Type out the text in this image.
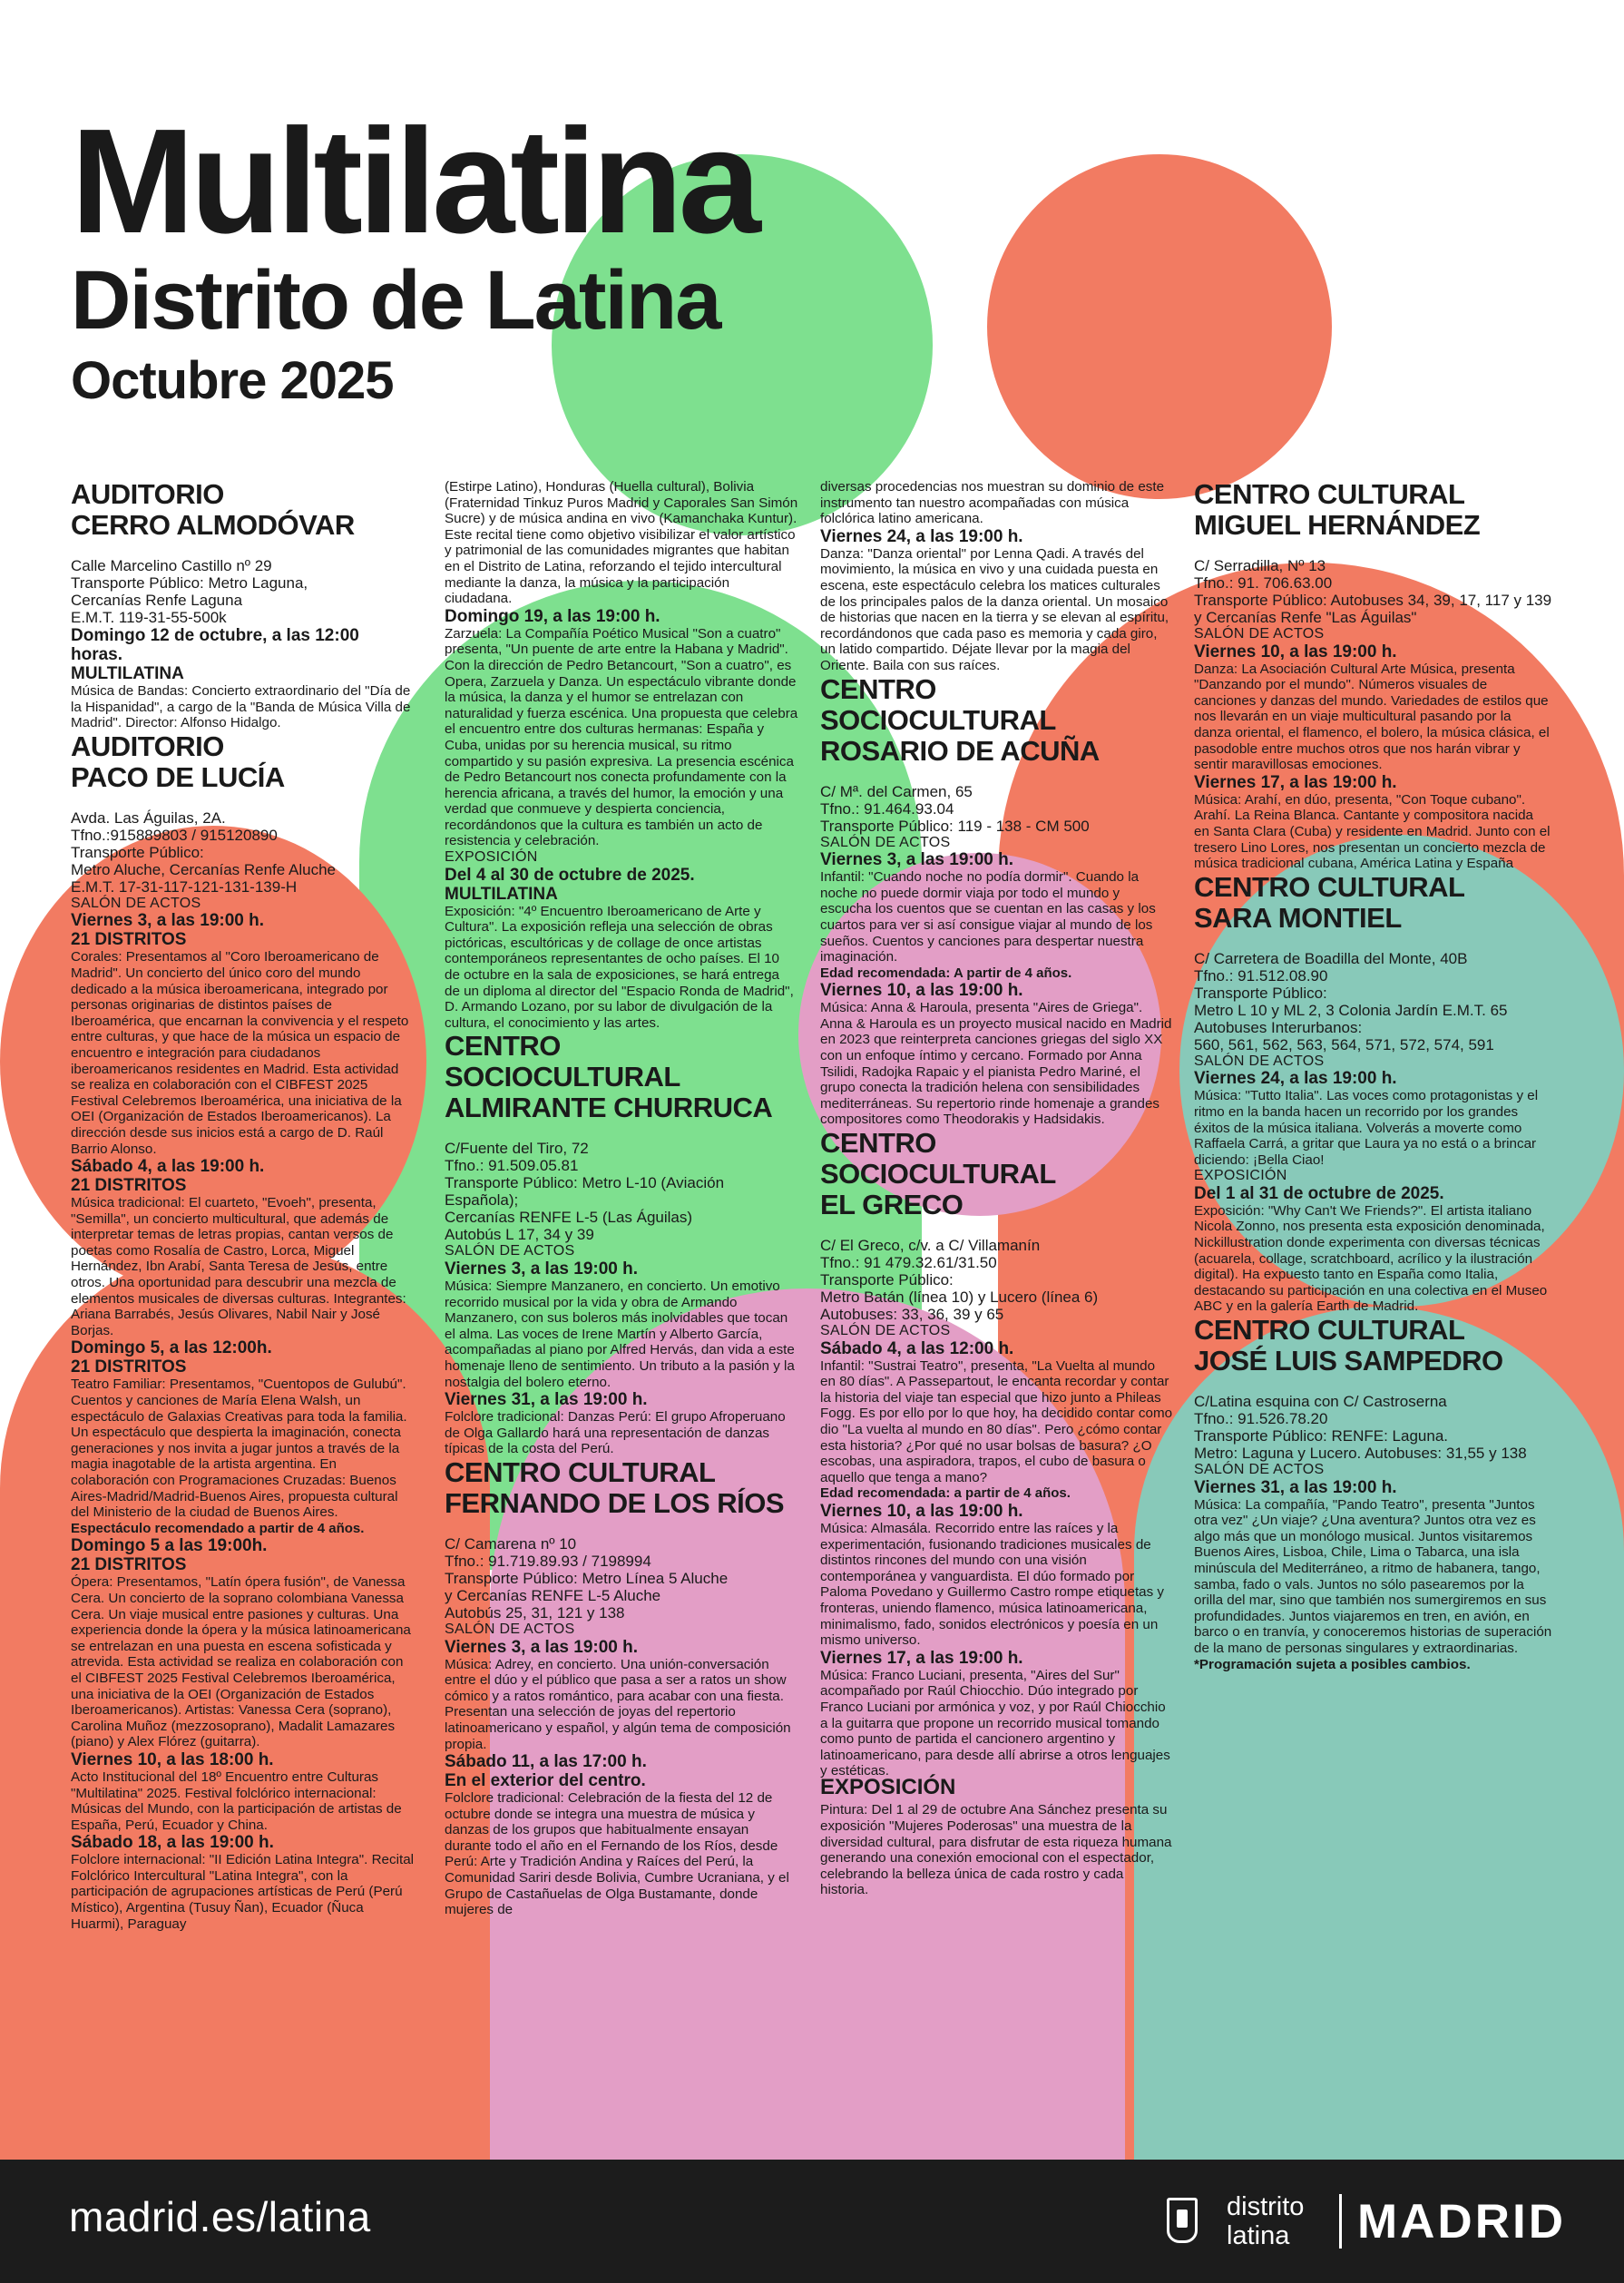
Multilatina

Distrito de Latina

Octubre 2025

AUDITORIO
CERRO ALMODÓVAR

Calle Marcelino Castillo nº 29
Transporte Público: Metro Laguna,
Cercanías Renfe Laguna
E.M.T. 119-31-55-500k

Domingo 12 de octubre, a las 12:00 horas.

MULTILATINA

Música de Bandas: Concierto extraordinario del "Día de la Hispanidad", a cargo de la "Banda de Música Villa de Madrid". Director: Alfonso Hidalgo.

AUDITORIO
PACO DE LUCÍA

Avda. Las Águilas, 2A.
Tfno.:915889803 / 915120890
Transporte Público:
Metro Aluche, Cercanías Renfe Aluche
E.M.T. 17-31-117-121-131-139-H

SALÓN DE ACTOS

Viernes 3, a las 19:00 h.

21 DISTRITOS

Corales: Presentamos al "Coro Iberoamericano de Madrid". Un concierto del único coro del mundo dedicado a la música iberoamericana, integrado por personas originarias de distintos países de Iberoamérica, que encarnan la convivencia y el respeto entre culturas, y que hace de la música un espacio de encuentro e integración para ciudadanos iberoamericanos residentes en Madrid. Esta actividad se realiza en colaboración con el CIBFEST 2025 Festival Celebremos Iberoamérica, una iniciativa de la OEI (Organización de Estados Iberoamericanos). La dirección desde sus inicios está a cargo de D. Raúl Barrio Alonso.

Sábado 4, a las 19:00 h.

21 DISTRITOS

Música tradicional: El cuarteto, "Evoeh", presenta, "Semilla", un concierto multicultural, que además de interpretar temas de letras propias, cantan versos de poetas como Rosalía de Castro, Lorca, Miguel Hernández, Ibn Arabí, Santa Teresa de Jesús, entre otros. Una oportunidad para descubrir una mezcla de elementos musicales de diversas culturas. Integrantes: Ariana Barrabés, Jesús Olivares, Nabil Nair y José Borjas.

Domingo 5, a las 12:00h.

21 DISTRITOS

Teatro Familiar: Presentamos, "Cuentopos de Gulubú". Cuentos y canciones de María Elena Walsh, un espectáculo de Galaxias Creativas para toda la familia. Un espectáculo que despierta la imaginación, conecta generaciones y nos invita a jugar juntos a través de la magia inagotable de la artista argentina. En colaboración con Programaciones Cruzadas: Buenos Aires-Madrid/Madrid-Buenos Aires, propuesta cultural del Ministerio de la ciudad de Buenos Aires.

Espectáculo recomendado a partir de 4 años.

Domingo 5 a las 19:00h.

21 DISTRITOS

Ópera: Presentamos, "Latín ópera fusión", de Vanessa Cera. Un concierto de la soprano colombiana Vanessa Cera. Un viaje musical entre pasiones y culturas. Una experiencia donde la ópera y la música latinoamericana se entrelazan en una puesta en escena sofisticada y atrevida. Esta actividad se realiza en colaboración con el CIBFEST 2025 Festival Celebremos Iberoamérica, una iniciativa de la OEI (Organización de Estados Iberoamericanos). Artistas: Vanessa Cera (soprano), Carolina Muñoz (mezzosoprano), Madalit Lamazares (piano) y Alex Flórez (guitarra).

Viernes 10, a las 18:00 h.

Acto Institucional del 18º Encuentro entre Culturas "Multilatina" 2025. Festival folclórico internacional: Músicas del Mundo, con la participación de artistas de España, Perú, Ecuador y China.

Sábado 18, a las 19:00 h.

Folclore internacional: "II Edición Latina Integra". Recital Folclórico Intercultural "Latina Integra", con la participación de agrupaciones artísticas de Perú (Perú Místico), Argentina (Tusuy Ñan), Ecuador (Ñuca Huarmi), Paraguay

(Estirpe Latino), Honduras (Huella cultural), Bolivia (Fraternidad Tinkuz Puros Madrid y Caporales San Simón Sucre) y de música andina en vivo (Kamanchaka Kuntur). Este recital tiene como objetivo visibilizar el valor artístico y patrimonial de las comunidades migrantes que habitan en el Distrito de Latina, reforzando el tejido intercultural mediante la danza, la música y la participación ciudadana.

Domingo 19, a las 19:00 h.

Zarzuela: La Compañía Poético Musical "Son a cuatro" presenta, "Un puente de arte entre la Habana y Madrid". Con la dirección de Pedro Betancourt, "Son a cuatro", es Opera, Zarzuela y Danza. Un espectáculo vibrante donde la música, la danza y el humor se entrelazan con naturalidad y fuerza escénica. Una propuesta que celebra el encuentro entre dos culturas hermanas: España y Cuba, unidas por su herencia musical, su ritmo compartido y su pasión expresiva. La presencia escénica de Pedro Betancourt nos conecta profundamente con la herencia africana, a través del humor, la emoción y una verdad que conmueve y despierta conciencia, recordándonos que la cultura es también un acto de resistencia y celebración.

EXPOSICIÓN

Del 4 al 30 de octubre de 2025.

MULTILATINA

Exposición: "4º Encuentro Iberoamericano de Arte y Cultura". La exposición refleja una selección de obras pictóricas, escultóricas y de collage de once artistas contemporáneos representantes de ocho países. El 10 de octubre en la sala de exposiciones, se hará entrega de un diploma al director del "Espacio Ronda de Madrid", D. Armando Lozano, por su labor de divulgación de la cultura, el conocimiento y las artes.

CENTRO SOCIOCULTURAL
ALMIRANTE CHURRUCA

C/Fuente del Tiro, 72
Tfno.: 91.509.05.81
Transporte Público: Metro L-10 (Aviación Española);
Cercanías RENFE L-5 (Las Águilas)
Autobús L 17, 34 y 39

SALÓN DE ACTOS

Viernes 3, a las 19:00 h.

Música: Siempre Manzanero, en concierto. Un emotivo recorrido musical por la vida y obra de Armando Manzanero, con sus boleros más inolvidables que tocan el alma. Las voces de Irene Martín y Alberto García, acompañadas al piano por Alfred Hervás, dan vida a este homenaje lleno de sentimiento. Un tributo a la pasión y la nostalgia del bolero eterno.

Viernes 31, a las 19:00 h.

Folclore tradicional: Danzas Perú: El grupo Afroperuano de Olga Gallardo hará una representación de danzas típicas de la costa del Perú.

CENTRO CULTURAL
FERNANDO DE LOS RÍOS

C/ Camarena nº 10
Tfno.: 91.719.89.93 / 7198994
Transporte Público: Metro Línea 5 Aluche
y Cercanías RENFE L-5 Aluche
Autobús 25, 31, 121 y 138

SALÓN DE ACTOS

Viernes 3, a las 19:00 h.

Música: Adrey, en concierto. Una unión-conversación entre el dúo y el público que pasa a ser a ratos un show cómico y a ratos romántico, para acabar con una fiesta. Presentan una selección de joyas del repertorio latinoamericano y español, y algún tema de composición propia.

Sábado 11, a las 17:00 h.

En el exterior del centro.

Folclore tradicional: Celebración de la fiesta del 12 de octubre donde se integra una muestra de música y danzas de los grupos que habitualmente ensayan durante todo el año en el Fernando de los Ríos, desde Perú: Arte y Tradición Andina y Raíces del Perú, la Comunidad Sariri desde Bolivia, Cumbre Ucraniana, y el Grupo de Castañuelas de Olga Bustamante, donde mujeres de

diversas procedencias nos muestran su dominio de este instrumento tan nuestro acompañadas con música folclórica latino americana.

Viernes 24, a las 19:00 h.

Danza: "Danza oriental" por Lenna Qadi. A través del movimiento, la música en vivo y una cuidada puesta en escena, este espectáculo celebra los matices culturales de los principales palos de la danza oriental. Un mosaico de historias que nacen en la tierra y se elevan al espíritu, recordándonos que cada paso es memoria y cada giro, un latido compartido. Déjate llevar por la magia del Oriente. Baila con sus raíces.

CENTRO SOCIOCULTURAL
ROSARIO DE ACUÑA

C/ Mª. del Carmen, 65
Tfno.: 91.464.93.04
Transporte Público: 119 - 138 - CM 500

SALÓN DE ACTOS

Viernes 3, a las 19:00 h.

Infantil: "Cuando noche no podía dormir". Cuando la noche no puede dormir viaja por todo el mundo y escucha los cuentos que se cuentan en las casas y los cuartos para ver si así consigue viajar al mundo de los sueños. Cuentos y canciones para despertar nuestra imaginación.

Edad recomendada: A partir de 4 años.

Viernes 10, a las 19:00 h.

Música: Anna & Haroula, presenta "Aires de Griega". Anna & Haroula es un proyecto musical nacido en Madrid en 2023 que reinterpreta canciones griegas del siglo XX con un enfoque íntimo y cercano. Formado por Anna Tsilidi, Radojka Rapaic y el pianista Pedro Mariné, el grupo conecta la tradición helena con sensibilidades mediterráneas. Su repertorio rinde homenaje a grandes compositores como Theodorakis y Hadsidakis.

CENTRO SOCIOCULTURAL
EL GRECO

C/ El Greco, c/v. a C/ Villamanín
Tfno.: 91 479.32.61/31.50
Transporte Público:
Metro Batán (línea 10) y Lucero (línea 6)
Autobuses: 33, 36, 39 y 65

SALÓN DE ACTOS

Sábado 4, a las 12:00 h.

Infantil: "Sustrai Teatro", presenta, "La Vuelta al mundo en 80 días". A Passepartout, le encanta recordar y contar la historia del viaje tan especial que hizo junto a Phileas Fogg. Es por ello por lo que hoy, ha decidido contar como dio "La vuelta al mundo en 80 días". Pero ¿cómo contar esta historia? ¿Por qué no usar bolsas de basura? ¿O escobas, una aspiradora, trapos, el cubo de basura o aquello que tenga a mano?

Edad recomendada: a partir de 4 años.

Viernes 10, a las 19:00 h.

Música: Almasála. Recorrido entre las raíces y la experimentación, fusionando tradiciones musicales de distintos rincones del mundo con una visión contemporánea y vanguardista. El dúo formado por Paloma Povedano y Guillermo Castro rompe etiquetas y fronteras, uniendo flamenco, música latinoamericana, minimalismo, fado, sonidos electrónicos y poesía en un mismo universo.

Viernes 17, a las 19:00 h.

Música: Franco Luciani, presenta, "Aires del Sur" acompañado por Raúl Chiocchio. Dúo integrado por Franco Luciani por armónica y voz, y por Raúl Chiocchio a la guitarra que propone un recorrido musical tomando como punto de partida el cancionero argentino y latinoamericano, para desde allí abrirse a otros lenguajes y estéticas.

EXPOSICIÓN

Pintura: Del 1 al 29 de octubre Ana Sánchez presenta su exposición "Mujeres Poderosas" una muestra de la diversidad cultural, para disfrutar de esta riqueza humana generando una conexión emocional con el espectador, celebrando la belleza única de cada rostro y cada historia.

CENTRO CULTURAL
MIGUEL HERNÁNDEZ

C/ Serradilla, Nº 13
Tfno.: 91. 706.63.00
Transporte Público: Autobuses 34, 39, 17, 117 y 139
y Cercanías Renfe "Las Águilas"

SALÓN DE ACTOS

Viernes 10, a las 19:00 h.

Danza: La Asociación Cultural Arte Música, presenta "Danzando por el mundo". Números visuales de canciones y danzas del mundo. Variedades de estilos que nos llevarán en un viaje multicultural pasando por la danza oriental, el flamenco, el bolero, la música clásica, el pasodoble entre muchos otros que nos harán vibrar y sentir maravillosas emociones.

Viernes 17, a las 19:00 h.

Música: Arahí, en dúo, presenta, "Con Toque cubano". Arahí. La Reina Blanca. Cantante y compositora nacida en Santa Clara (Cuba) y residente en Madrid. Junto con el tresero Lino Lores, nos presentan un concierto mezcla de música tradicional cubana, América Latina y España

CENTRO CULTURAL
SARA MONTIEL

C/ Carretera de Boadilla del Monte, 40B
Tfno.: 91.512.08.90
Transporte Público:
Metro L 10 y ML 2, 3 Colonia Jardín E.M.T. 65
Autobuses Interurbanos:
560, 561, 562, 563, 564, 571, 572, 574, 591

SALÓN DE ACTOS

Viernes 24, a las 19:00 h.

Música: "Tutto Italia". Las voces como protagonistas y el ritmo en la banda hacen un recorrido por los grandes éxitos de la música italiana. Volverás a moverte como Raffaela Carrá, a gritar que Laura ya no está o a brincar diciendo: ¡Bella Ciao!

EXPOSICIÓN

Del 1 al 31 de octubre de 2025.

Exposición: "Why Can't We Friends?". El artista italiano Nicola Zonno, nos presenta esta exposición denominada, Nickillustration donde experimenta con diversas técnicas (acuarela, collage, scratchboard, acrílico y la ilustración digital). Ha expuesto tanto en España como Italia, destacando su participación en una colectiva en el Museo ABC y en la galería Earth de Madrid.

CENTRO CULTURAL
JOSÉ LUIS SAMPEDRO

C/Latina esquina con C/ Castroserna
Tfno.: 91.526.78.20
Transporte Público: RENFE: Laguna.
Metro: Laguna y Lucero. Autobuses: 31,55 y 138

SALÓN DE ACTOS

Viernes 31, a las 19:00 h.

Música: La compañía, "Pando Teatro", presenta "Juntos otra vez" ¿Un viaje? ¿Una aventura? Juntos otra vez es algo más que un monólogo musical. Juntos visitaremos Buenos Aires, Lisboa, Chile, Lima o Tabarca, una isla minúscula del Mediterráneo, a ritmo de habanera, tango, samba, fado o vals. Juntos no sólo pasearemos por la orilla del mar, sino que también nos sumergiremos en sus profundidades. Juntos viajaremos en tren, en avión, en barco o en tranvía, y conoceremos historias de superación de la mano de personas singulares y extraordinarias.

*Programación sujeta a posibles cambios.

madrid.es/latina	distrito
latina	MADRID
